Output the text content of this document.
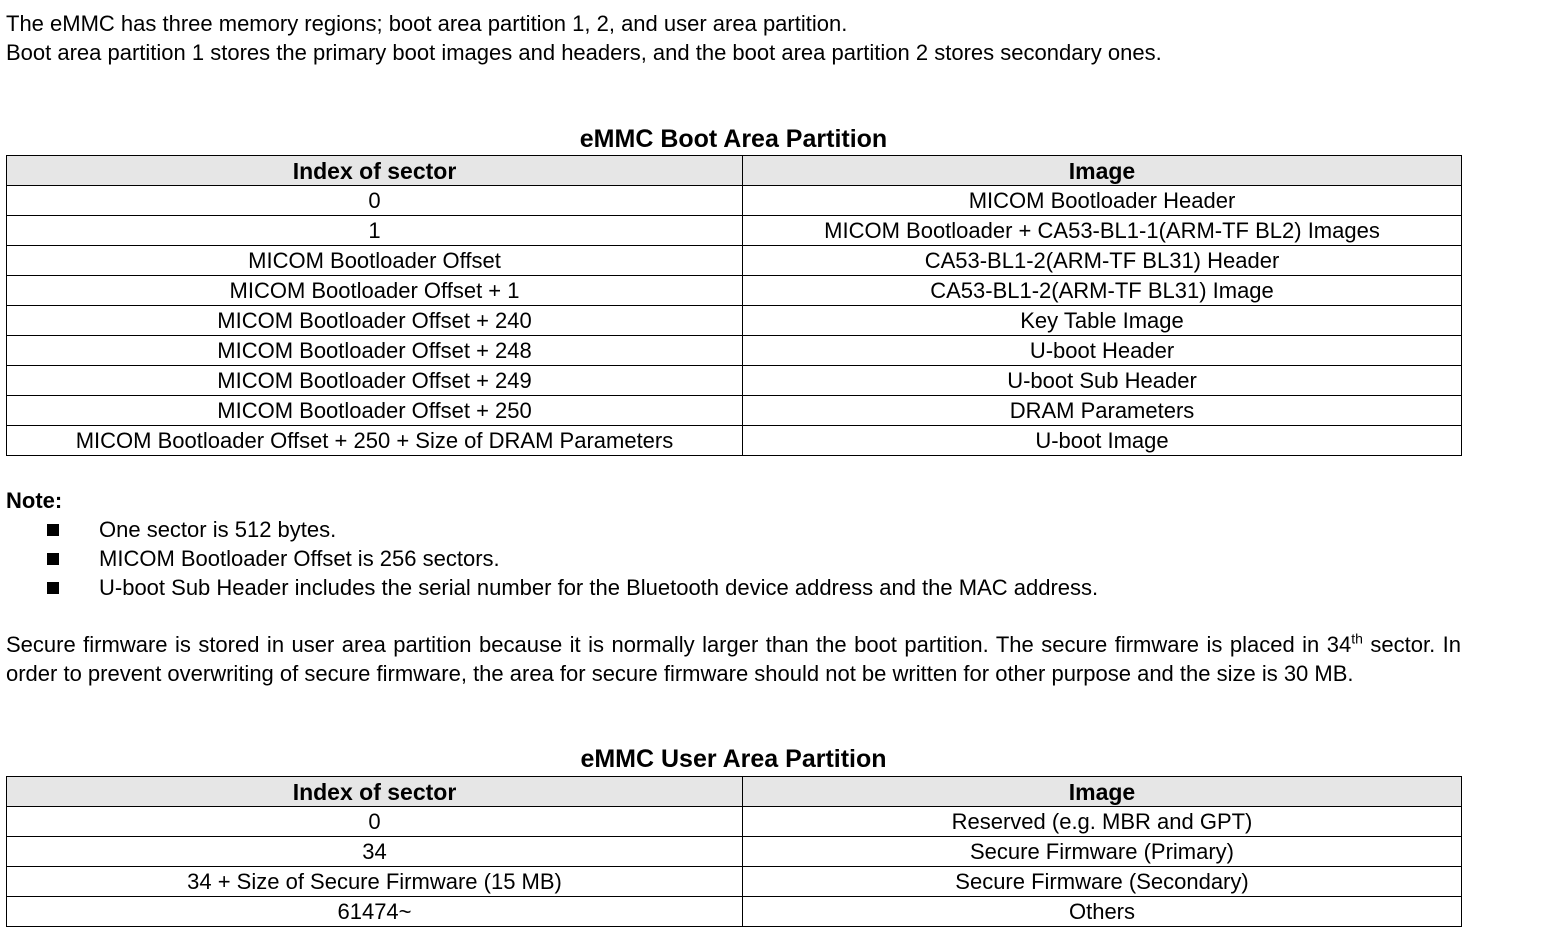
The eMMC has three memory regions; boot area partition 1, 2, and user area partition.

Boot area partition 1 stores the primary boot images and headers, and the boot area partition 2 stores secondary ones.

eMMC Boot Area Partition

Index of sector	Image
0	MICOM Bootloader Header
1	MICOM Bootloader + CA53-BL1-1(ARM-TF BL2) Images
MICOM Bootloader Offset	CA53-BL1-2(ARM-TF BL31) Header
MICOM Bootloader Offset + 1	CA53-BL1-2(ARM-TF BL31) Image
MICOM Bootloader Offset + 240	Key Table Image
MICOM Bootloader Offset + 248	U-boot Header
MICOM Bootloader Offset + 249	U-boot Sub Header
MICOM Bootloader Offset + 250	DRAM Parameters
MICOM Bootloader Offset + 250 + Size of DRAM Parameters	U-boot Image

Note:

One sector is 512 bytes.
MICOM Bootloader Offset is 256 sectors.
U-boot Sub Header includes the serial number for the Bluetooth device address and the MAC address.

Secure firmware is stored in user area partition because it is normally larger than the boot partition. The secure firmware is placed in 34th sector. In order to prevent overwriting of secure firmware, the area for secure firmware should not be written for other purpose and the size is 30 MB.

eMMC User Area Partition

Index of sector	Image
0	Reserved (e.g. MBR and GPT)
34	Secure Firmware (Primary)
34 + Size of Secure Firmware (15 MB)	Secure Firmware (Secondary)
61474~	Others
